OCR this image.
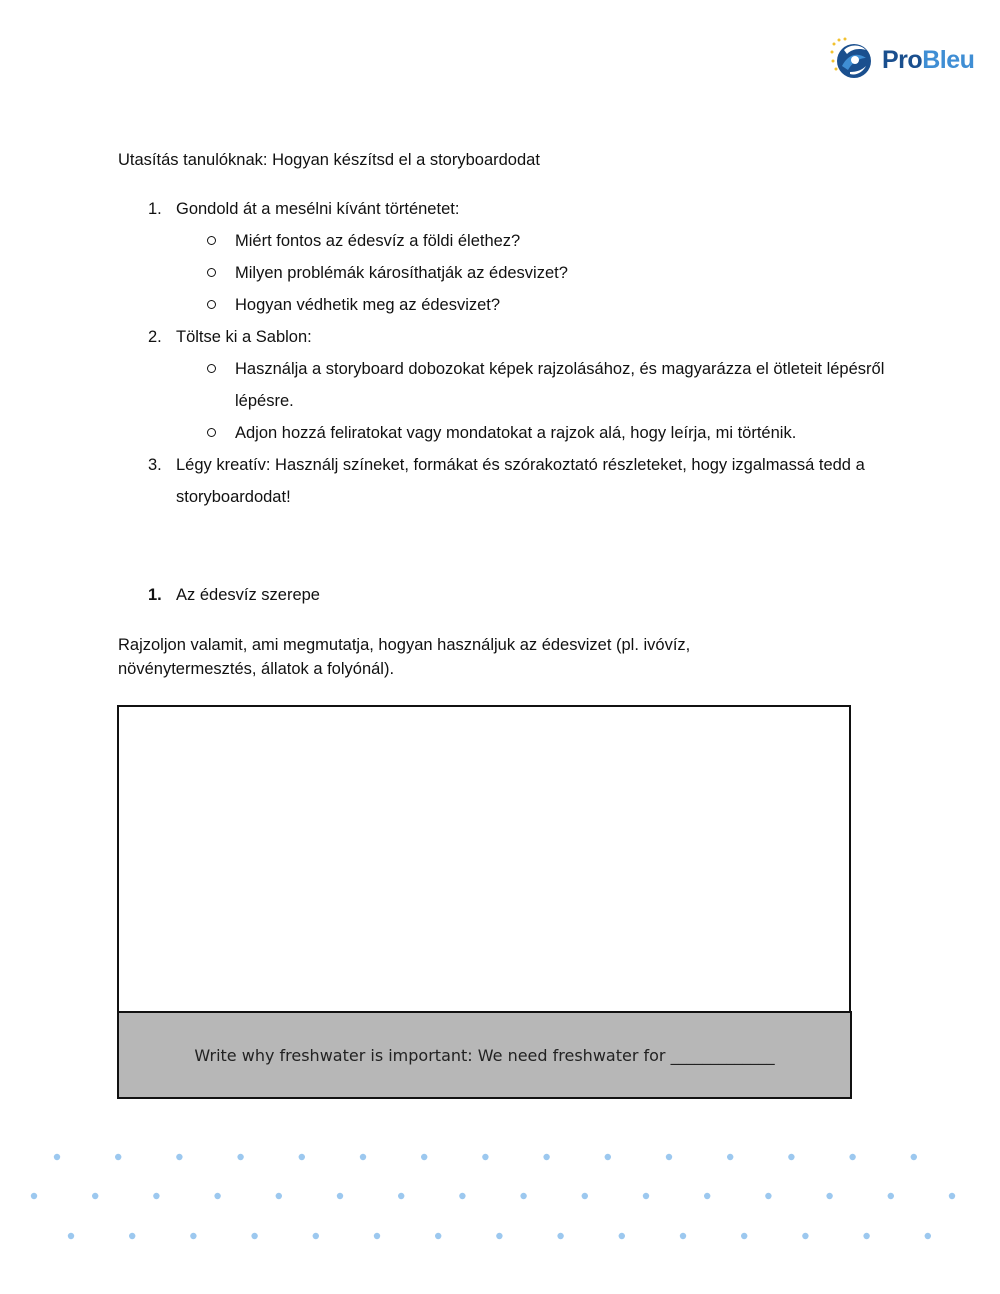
ProBleu
Utasítás tanulóknak: Hogyan készítsd el a storyboardodat
1. Gondold át a mesélni kívánt történetet:
Miért fontos az édesvíz a földi élethez?
Milyen problémák károsíthatják az édesvizet?
Hogyan védhetik meg az édesvizet?
2. Töltse ki a Sablon:
Használja a storyboard dobozokat képek rajzolásához, és magyarázza el ötleteit lépésről lépésre.
Adjon hozzá feliratokat vagy mondatokat a rajzok alá, hogy leírja, mi történik.
3. Légy kreatív: Használj színeket, formákat és szórakoztató részleteket, hogy izgalmassá tedd a storyboardodat!
1. Az édesvíz szerepe
Rajzoljon valamit, ami megmutatja, hogyan használjuk az édesvizet (pl. ivóvíz, növénytermesztés, állatok a folyónál).
Write why freshwater is important: We need freshwater for _____________
